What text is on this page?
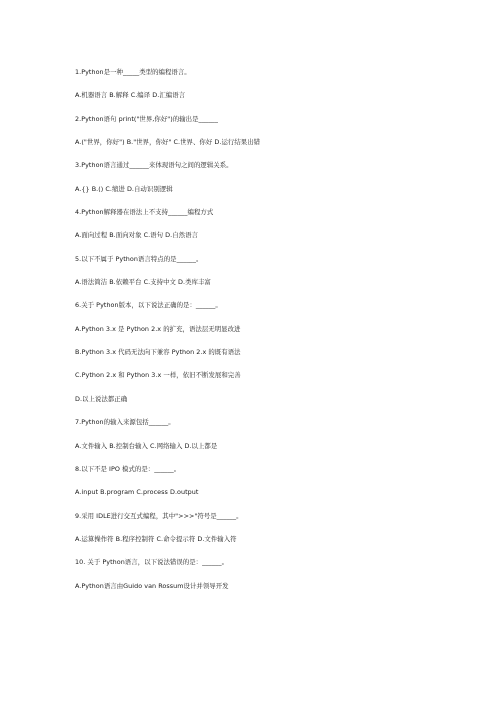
1.Python是一种_____类型的编程语言。
A.机器语言 B.解释 C.编译 D.汇编语言
2.Python语句 print("世界,你好")的输出是______
A.("世界，你好") B."世界，你好" C.世界、你好 D.运行结果出错
3.Python语言通过______来体现语句之间的逻辑关系。
A.{} B.() C.缩进 D.自动识别逻辑
4.Python解释器在语法上不支持______编程方式
A.面向过程 B.面向对象 C.语句 D.自然语言
5.以下不属于 Python语言特点的是______。
A.语法简洁 B.依赖平台 C.支持中文 D.类库丰富
6.关于 Python版本，以下说法正确的是：______。
A.Python 3.x 是 Python 2.x 的扩充，语法层无明显改进
B.Python 3.x 代码无法向下兼容 Python 2.x 的既有语法
C.Python 2.x 和 Python 3.x 一样，依旧不断发展和完善
D.以上说法都正确
7.Python的输入来源包括______。
A.文件输入 B.控制台输入 C.网络输入 D.以上都是
8.以下不是 IPO 模式的是：______。
A.input B.program C.process D.output
9.采用 IDLE进行交互式编程，其中">>>"符号是______。
A.运算操作符 B.程序控制符 C.命令提示符 D.文件输入符
10. 关于 Python语言，以下说法错误的是：______。
A.Python语言由Guido van Rossum设计并领导开发
